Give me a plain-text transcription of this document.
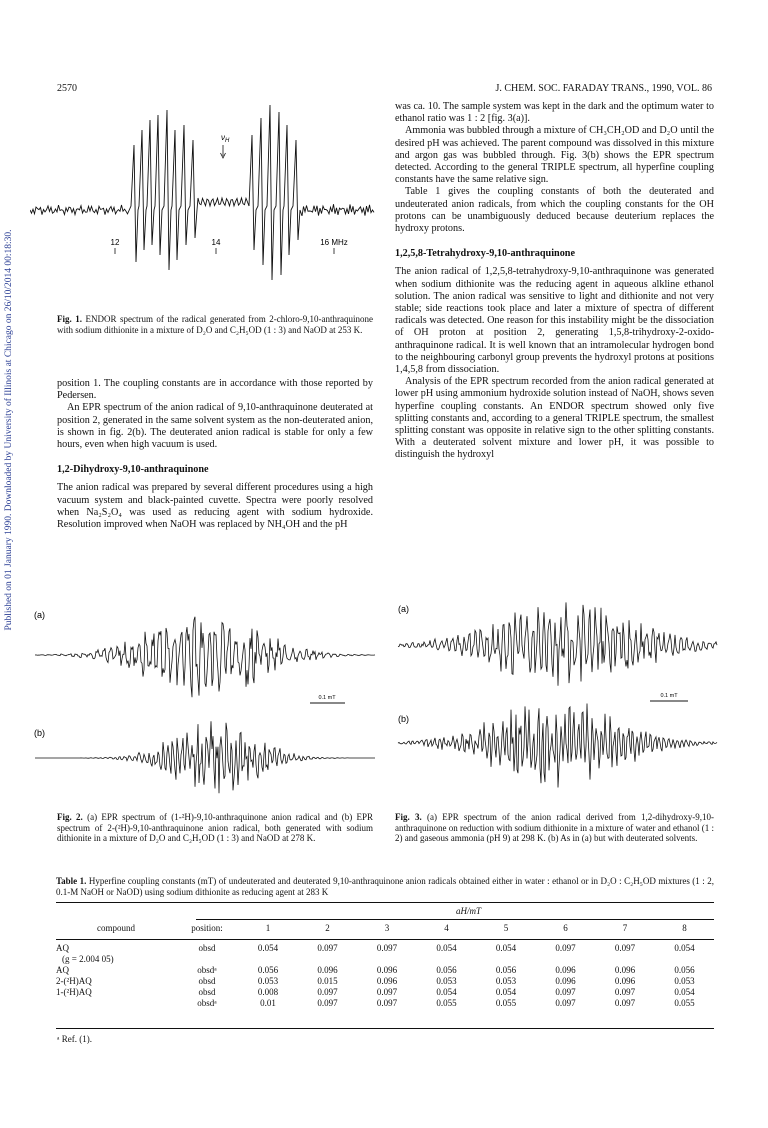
2570	J. CHEM. SOC. FARADAY TRANS., 1990, VOL. 86
Published on 01 January 1990. Downloaded by University of Illinois at Chicago on 26/10/2014 00:18:30.	12	14	16 MHz
$\nu_H$
Fig. 1. ENDOR spectrum of the radical generated from 2-chloro-9,10-anthraquinone with sodium dithionite in a mixture of D₂O and C₂H₅OD (1 : 3) and NaOD at 253 K.

position 1. The coupling constants are in accordance with those reported by Pedersen.

An EPR spectrum of the anion radical of 9,10-anthraquinone deuterated at position 2, generated in the same solvent system as the non-deuterated anion, is shown in fig. 2(b). The deuterated anion radical is stable for only a few hours, even when high vacuum is used.

1,2-Dihydroxy-9,10-anthraquinone

The anion radical was prepared by several different procedures using a high vacuum system and black-painted cuvette. Spectra were poorly resolved when Na₂S₂O₄ was used as reducing agent with sodium hydroxide. Resolution improved when NaOH was replaced by NH₄OH and the pH

was ca. 10. The sample system was kept in the dark and the optimum water to ethanol ratio was 1 : 2 [fig. 3(a)].

Ammonia was bubbled through a mixture of CH₃CH₂OD and D₂O until the desired pH was achieved. The parent compound was dissolved in this mixture and argon gas was bubbled through. Fig. 3(b) shows the EPR spectrum detected. According to the general TRIPLE spectrum, all hyperfine coupling constants have the same relative sign.

Table 1 gives the coupling constants of both the deuterated and undeuterated anion radicals, from which the coupling constants for the OH protons can be unambiguously deduced because deuterium replaces the hydroxy protons.

1,2,5,8-Tetrahydroxy-9,10-anthraquinone

The anion radical of 1,2,5,8-tetrahydroxy-9,10-anthraquinone was generated when sodium dithionite was the reducing agent in aqueous alkline ethanol solution. The anion radical was sensitive to light and dithionite and not very stable; side reactions took place and later a mixture of spectra of different radicals was detected. One reason for this instability might be the dissociation of OH proton at position 2, generating 1,5,8-trihydroxy-2-oxido-anthraquinone radical. It is well known that an intramolecular hydrogen bond to the neighbouring carbonyl group prevents the hydroxyl protons at positions 1,4,5,8 from dissociation.

Analysis of the EPR spectrum recorded from the anion radical generated at lower pH using ammonium hydroxide solution instead of NaOH, shows seven hyperfine coupling constants. An ENDOR spectrum showed only five splitting constants and, according to a general TRIPLE spectrum, the smallest splitting constant was opposite in relative sign to the other splitting constants. With a deuterated solvent mixture and lower pH, it was possible to distinguish the hydroxyl

(a)
0.1 mT
(b)
Fig. 2. (a) EPR spectrum of (1-²H)-9,10-anthraquinone anion radical and (b) EPR spectrum of 2-(²H)-9,10-anthraquinone anion radical, both generated with sodium dithionite in a mixture of D₂O and C₂H₅OD (1 : 3) and NaOD at 278 K.
(a)
0.1 mT
(b)
Fig. 3. (a) EPR spectrum of the anion radical derived from 1,2-dihydroxy-9,10-anthraquinone on reduction with sodium dithionite in a mixture of water and ethanol (1 : 2) and gaseous ammonia (pH 9) at 298 K. (b) As in (a) but with deuterated solvents.
Table 1. Hyperfine coupling constants (mT) of undeuterated and deuterated 9,10-anthraquinone anion radicals obtained either in water : ethanol or in D₂O : C₂H₅OD mixtures (1 : 2, 0.1-M NaOH or NaOD) using sodium dithionite as reducing agent at 283 K
aH/mT
compound	position:	1	2	3	4	5	6	7	8

AQ	obsd	0.054	0.097	0.097	0.054	0.054	0.097	0.097	0.054
(g = 2.004 05)									
AQ	obsdᵃ	0.056	0.096	0.096	0.056	0.056	0.096	0.096	0.056
2-(²H)AQ	obsd	0.053	0.015	0.096	0.053	0.053	0.096	0.096	0.053
1-(²H)AQ	obsd	0.008	0.097	0.097	0.054	0.054	0.097	0.097	0.054
	obsdᵃ	0.01	0.097	0.097	0.055	0.055	0.097	0.097	0.055
ᵃ Ref. (1).
